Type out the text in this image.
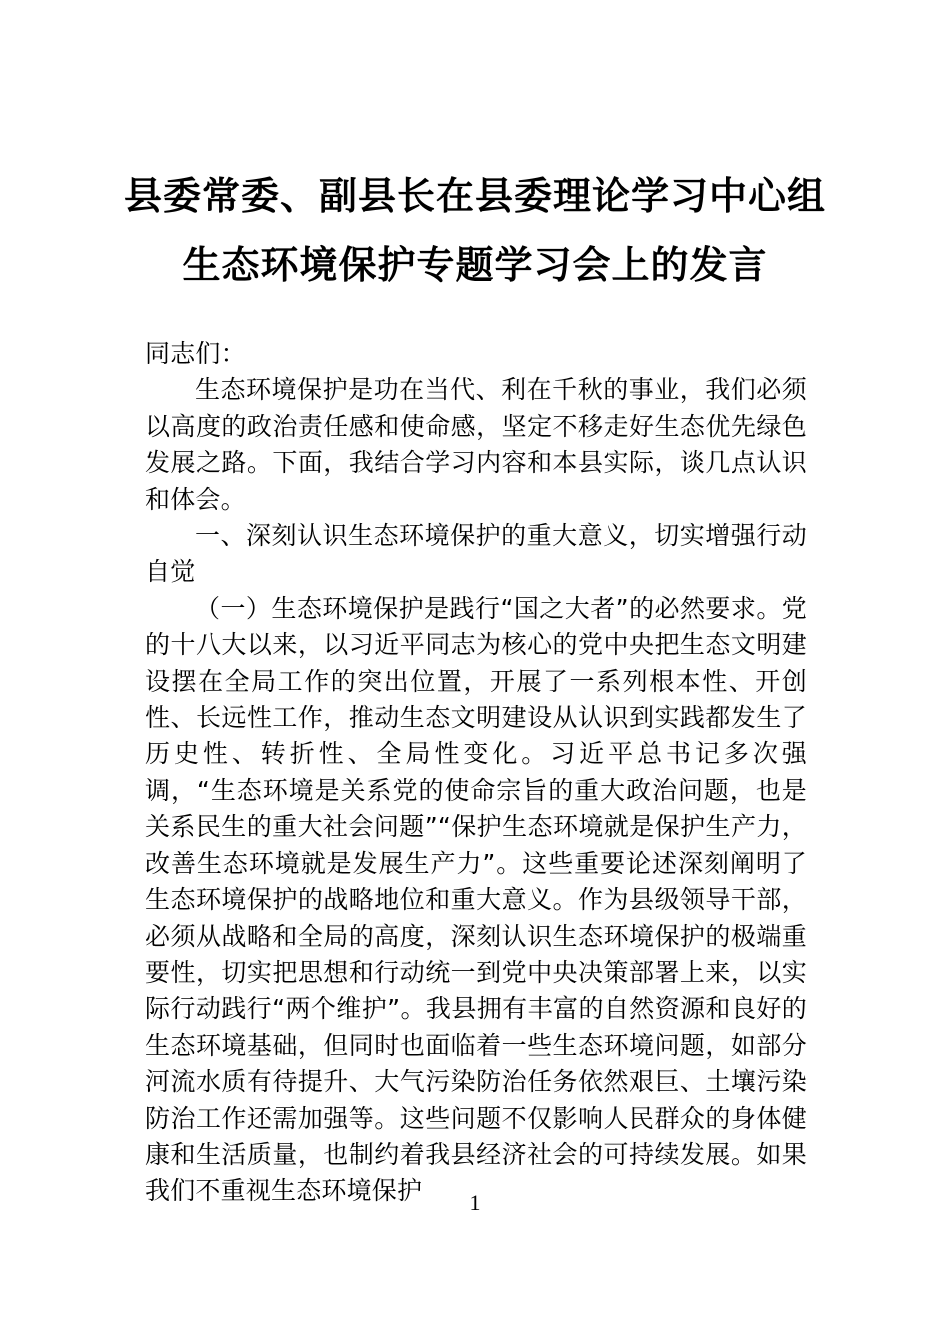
县委常委、副县长在县委理论学习中心组
生态环境保护专题学习会上的发言

同志们：

生态环境保护是功在当代、利在千秋的事业，我们必须以高度的政治责任感和使命感，坚定不移走好生态优先绿色发展之路。下面，我结合学习内容和本县实际，谈几点认识和体会。

一、深刻认识生态环境保护的重大意义，切实增强行动自觉

（一）生态环境保护是践行“国之大者”的必然要求。党的十八大以来，以习近平同志为核心的党中央把生态文明建设摆在全局工作的突出位置，开展了一系列根本性、开创性、长远性工作，推动生态文明建设从认识到实践都发生了历史性、转折性、全局性变化。习近平总书记多次强调，“生态环境是关系党的使命宗旨的重大政治问题，也是关系民生的重大社会问题”“保护生态环境就是保护生产力，改善生态环境就是发展生产力”。这些重要论述深刻阐明了生态环境保护的战略地位和重大意义。作为县级领导干部，必须从战略和全局的高度，深刻认识生态环境保护的极端重要性，切实把思想和行动统一到党中央决策部署上来，以实际行动践行“两个维护”。我县拥有丰富的自然资源和良好的生态环境基础，但同时也面临着一些生态环境问题，如部分河流水质有待提升、大气污染防治任务依然艰巨、土壤污染防治工作还需加强等。这些问题不仅影响人民群众的身体健康和生活质量，也制约着我县经济社会的可持续发展。如果我们不重视生态环境保护	1
